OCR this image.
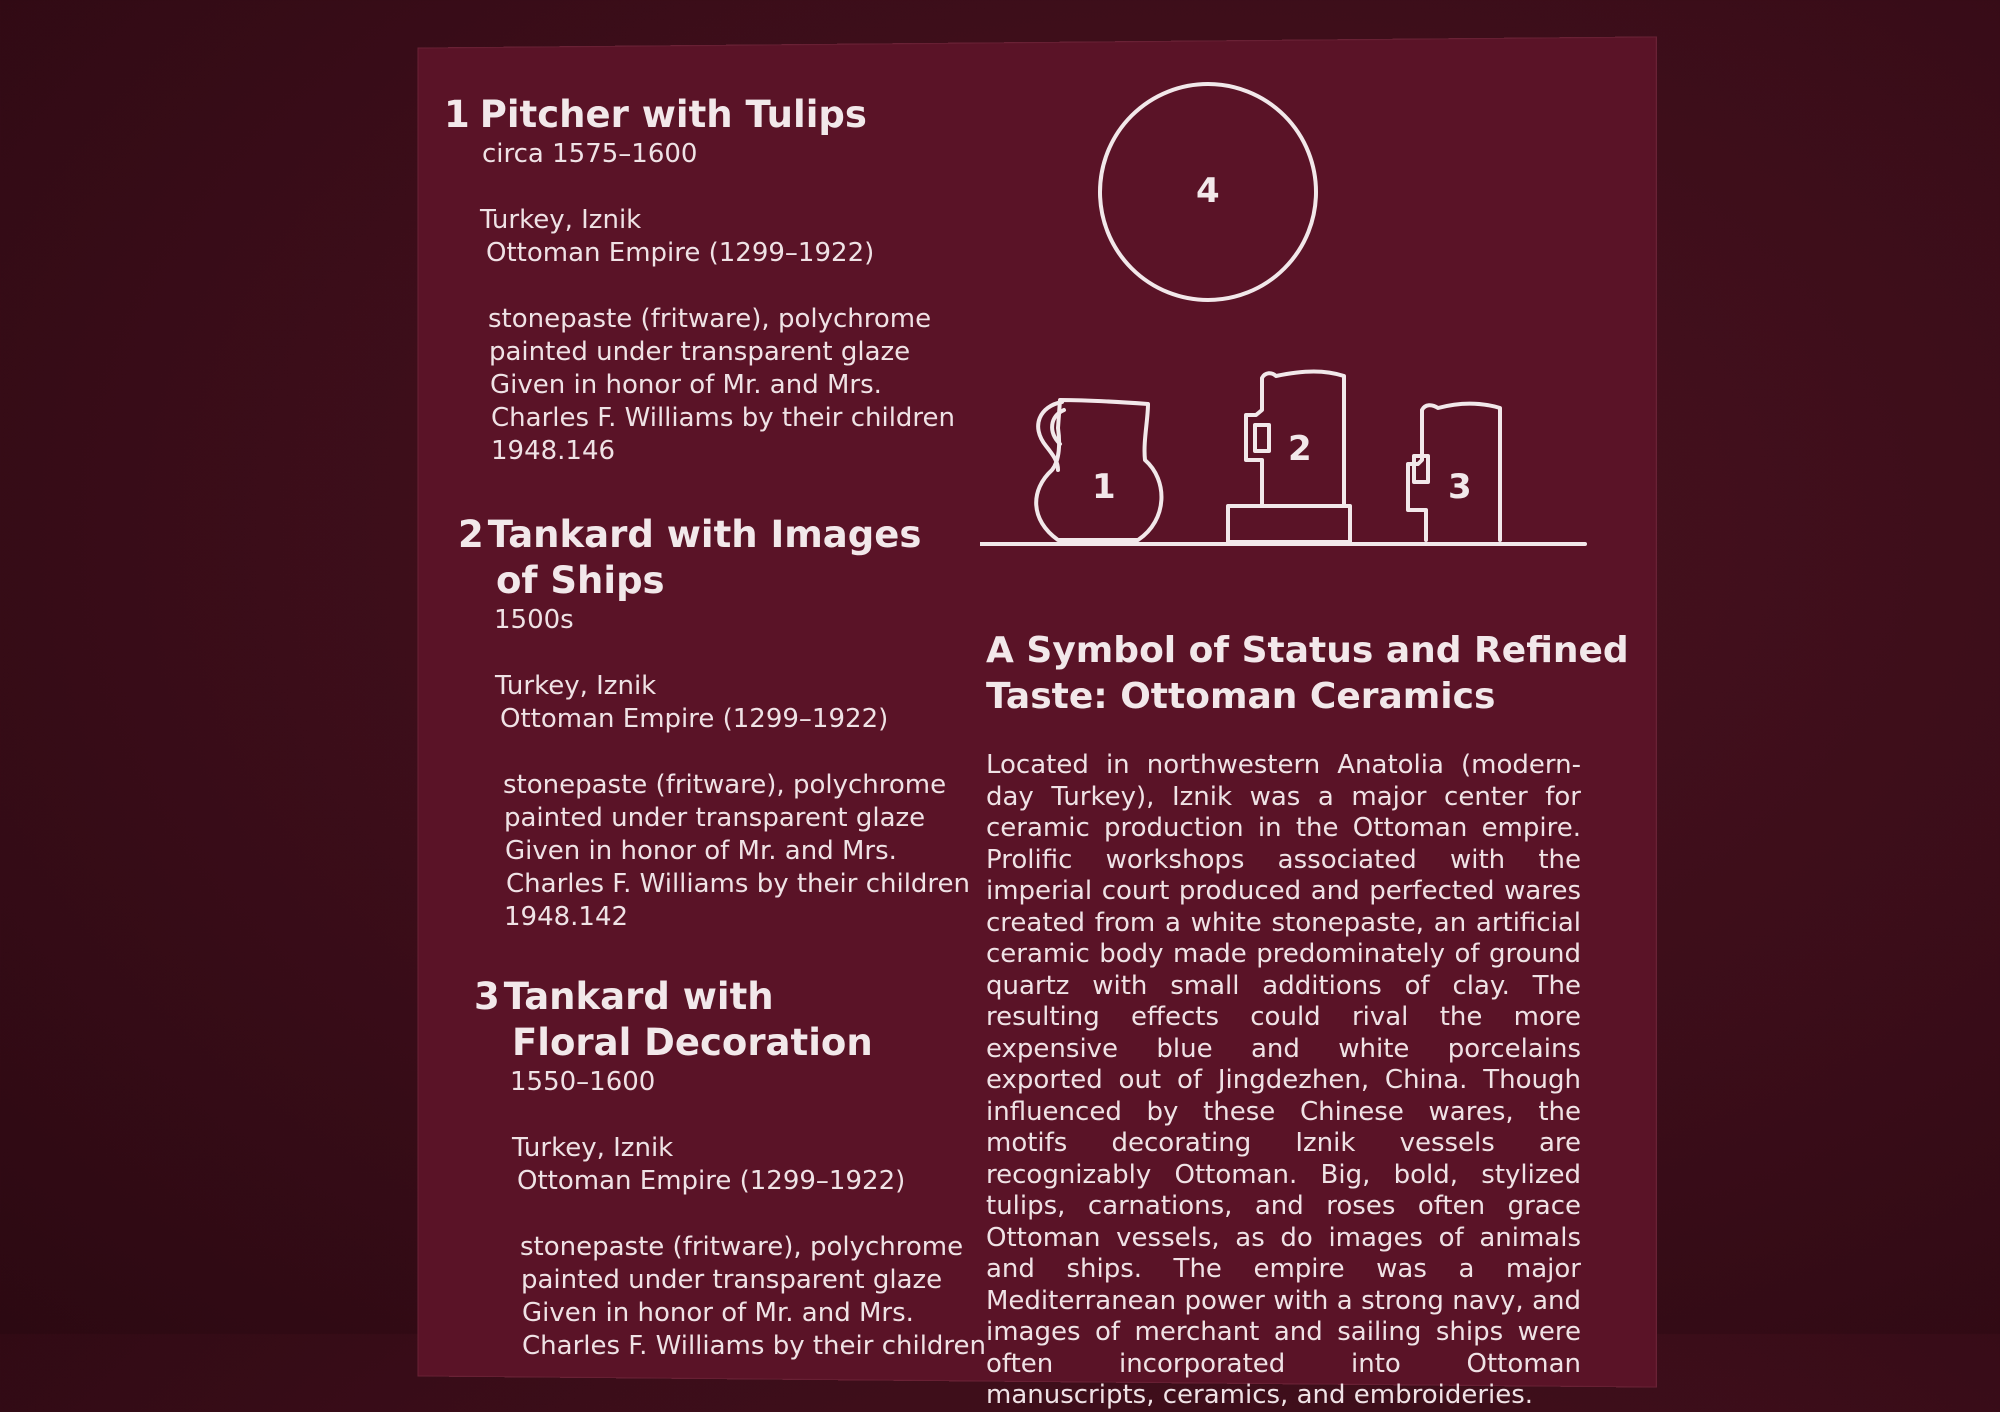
1 Pitcher with Tulips
circa 1575–1600
Turkey, Iznik
Ottoman Empire (1299–1922)
stonepaste (fritware), polychrome
painted under transparent glaze
Given in honor of Mr. and Mrs.
Charles F. Williams by their children
1948.146
2 Tankard with Images
of Ships
1500s
Turkey, Iznik
Ottoman Empire (1299–1922)
stonepaste (fritware), polychrome
painted under transparent glaze
Given in honor of Mr. and Mrs.
Charles F. Williams by their children
1948.142
3 Tankard with
Floral Decoration
1550–1600
Turkey, Iznik
Ottoman Empire (1299–1922)
stonepaste (fritware), polychrome
painted under transparent glaze
Given in honor of Mr. and Mrs.
Charles F. Williams by their children
4
1
2
3
A Symbol of Status and Refined
Taste: Ottoman Ceramics

Located in northwestern Anatolia (modern-day Turkey), Iznik was a major center for ceramic production in the Ottoman empire. Prolific workshops associated with the imperial court produced and perfected wares created from a white stonepaste, an artificial ceramic body made predominately of ground quartz with small additions of clay. The resulting effects could rival the more expensive blue and white porcelains exported out of Jingdezhen, China. Though influenced by these Chinese wares, the motifs decorating Iznik vessels are recognizably Ottoman. Big, bold, stylized tulips, carnations, and roses often grace Ottoman vessels, as do images of animals and ships. The empire was a major Mediterranean power with a strong navy, and images of merchant and sailing ships were often incorporated into Ottoman manuscripts, ceramics, and embroideries.
